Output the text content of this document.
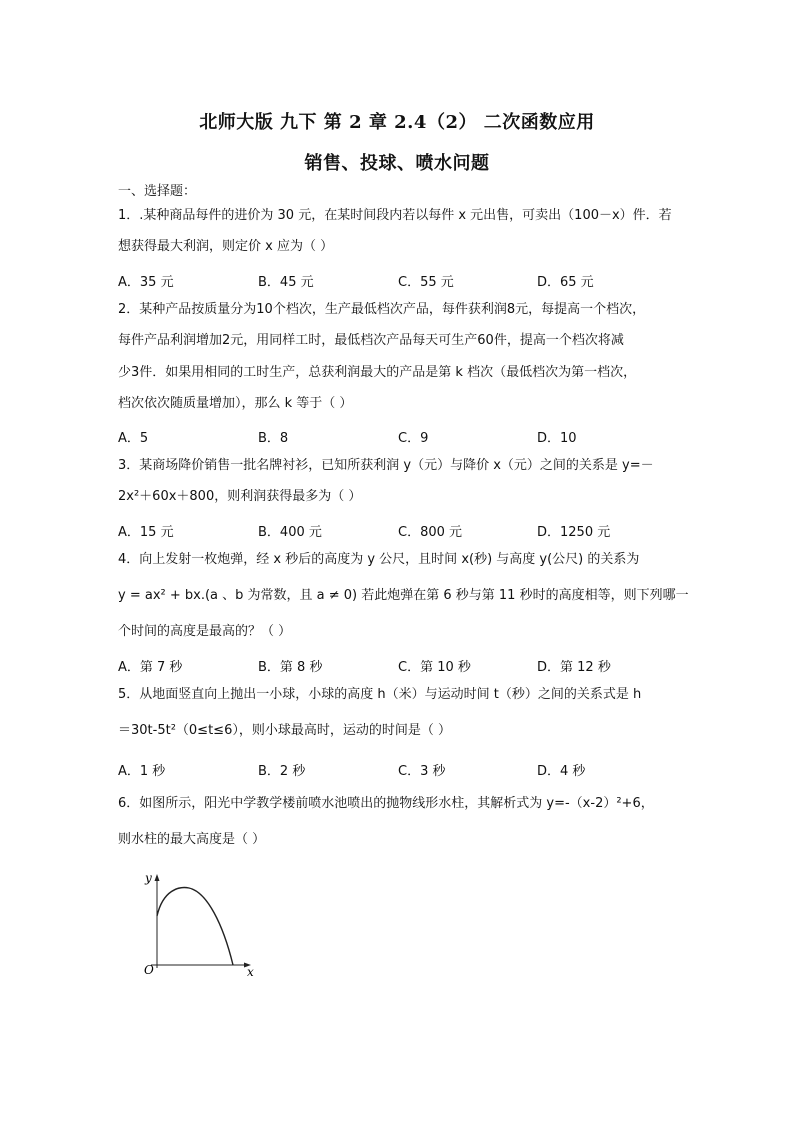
北师大版 九下 第 2 章 2.4（2） 二次函数应用
销售、投球、喷水问题
一、选择题：
1．.某种商品每件的进价为 30 元，在某时间段内若以每件 x 元出售，可卖出（100－x）件．若
想获得最大利润，则定价 x 应为（ ）
A．35 元	B．45 元	C．55 元	D．65 元
2．某种产品按质量分为10个档次，生产最低档次产品，每件获利润8元，每提高一个档次，
每件产品利润增加2元，用同样工时，最低档次产品每天可生产60件，提高一个档次将减
少3件．如果用相同的工时生产，总获利润最大的产品是第 k 档次（最低档次为第一档次，
档次依次随质量增加），那么 k 等于（ ）
A．5	B．8	C．9	D．10
3．某商场降价销售一批名牌衬衫，已知所获利润 y（元）与降价 x（元）之间的关系是 y=－
2x²＋60x＋800，则利润获得最多为（ ）
A．15 元	B．400 元	C．800 元	D．1250 元
4．向上发射一枚炮弹，经 x 秒后的高度为 y 公尺，且时间 x(秒) 与高度 y(公尺) 的关系为
y = ax² + bx.(a 、b 为常数，且 a ≠ 0) 若此炮弹在第 6 秒与第 11 秒时的高度相等，则下列哪一
个时间的高度是最高的？（ ）
A．第 7 秒	B．第 8 秒	C．第 10 秒	D．第 12 秒
5．从地面竖直向上抛出一小球，小球的高度 h（米）与运动时间 t（秒）之间的关系式是 h
＝30t-5t²（0≤t≤6），则小球最高时，运动的时间是（ ）
A．1 秒	B．2 秒	C．3 秒	D．4 秒
6．如图所示，阳光中学教学楼前喷水池喷出的抛物线形水柱，其解析式为 y=-（x-2）²+6，
则水柱的最大高度是（ ）
y
x
O
